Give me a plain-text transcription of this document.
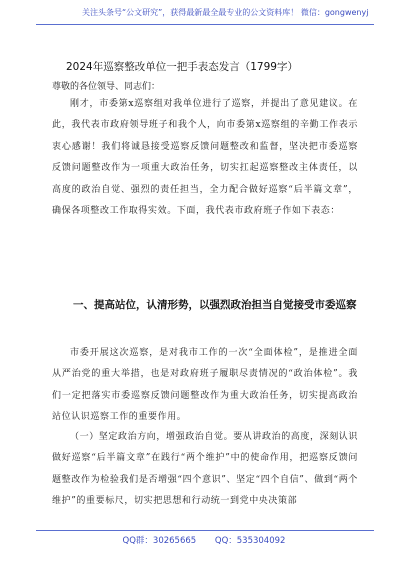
关注头条号“公文研究”，获得最新最全最专业的公文资料库！ 微信：gongwenyj
2024年巡察整改单位一把手表态发言（1799字）
尊敬的各位领导、同志们：

刚才，市委第x巡察组对我单位进行了巡察，并提出了意见建议。在此，我代表市政府领导班子和我个人，向市委第x巡察组的辛勤工作表示衷心感谢！我们将诚恳接受巡察反馈问题整改和监督，坚决把市委巡察反馈问题整改作为一项重大政治任务，切实扛起巡察整改主体责任，以高度的政治自觉、强烈的责任担当，全力配合做好巡察“后半篇文章”，确保各项整改工作取得实效。下面，我代表市政府班子作如下表态：

一、提高站位，认清形势，以强烈政治担当自觉接受市委巡察

市委开展这次巡察，是对我市工作的一次“全面体检”，是推进全面从严治党的重大举措，也是对政府班子履职尽责情况的“政治体检”。我们一定把落实市委巡察反馈问题整改作为重大政治任务，切实提高政治站位认识巡察工作的重要作用。

（一）坚定政治方向，增强政治自觉。要从讲政治的高度，深刻认识做好巡察“后半篇文章”在践行“两个维护”中的使命作用，把巡察反馈问题整改作为检验我们是否增强“四个意识”、坚定“四个自信”、做到“两个维护”的重要标尺，切实把思想和行动统一到党中央决策部

QQ群：30265665 QQ：535304092
